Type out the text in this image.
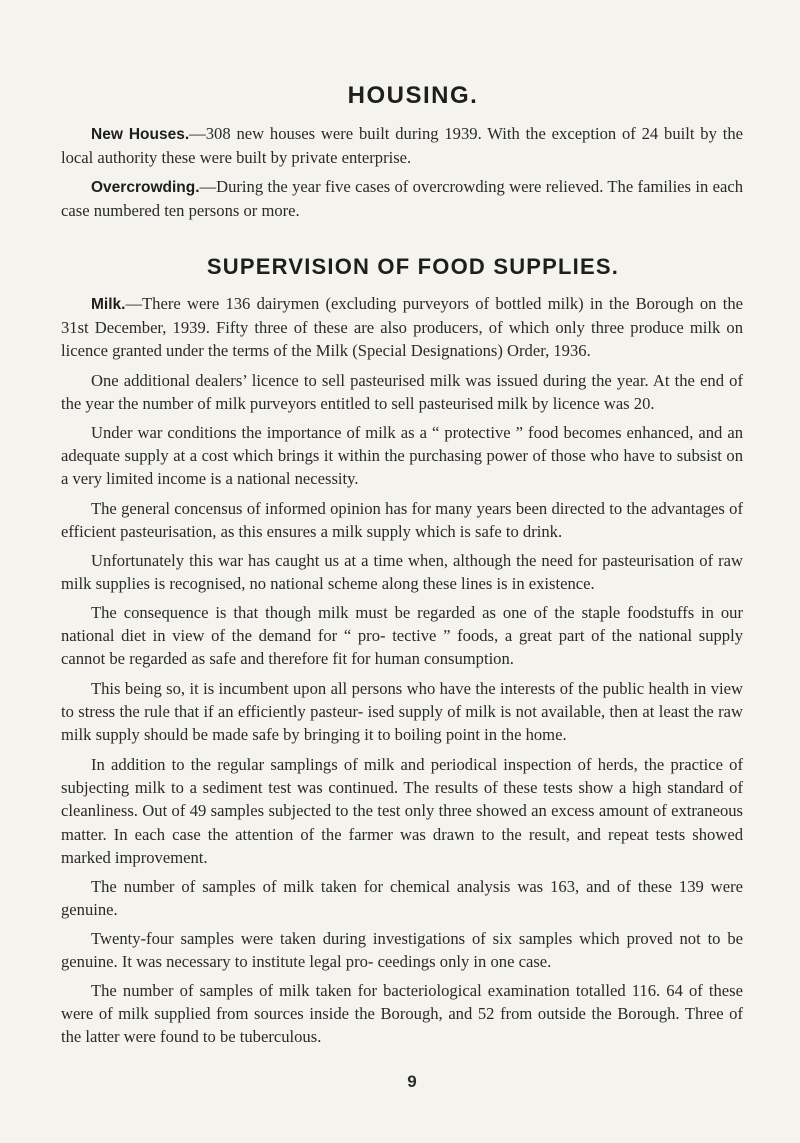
HOUSING.

New Houses.—308 new houses were built during 1939. With the exception of 24 built by the local authority these were built by private enterprise.

Overcrowding.—During the year five cases of overcrowding were relieved. The families in each case numbered ten persons or more.

SUPERVISION OF FOOD SUPPLIES.

Milk.—There were 136 dairymen (excluding purveyors of bottled milk) in the Borough on the 31st December, 1939. Fifty three of these are also producers, of which only three produce milk on licence granted under the terms of the Milk (Special Designations) Order, 1936.

One additional dealers’ licence to sell pasteurised milk was issued during the year. At the end of the year the number of milk purveyors entitled to sell pasteurised milk by licence was 20.

Under war conditions the importance of milk as a “ protective ” food becomes enhanced, and an adequate supply at a cost which brings it within the purchasing power of those who have to subsist on a very limited income is a national necessity.

The general concensus of informed opinion has for many years been directed to the advantages of efficient pasteurisation, as this ensures a milk supply which is safe to drink.

Unfortunately this war has caught us at a time when, although the need for pasteurisation of raw milk supplies is recognised, no national scheme along these lines is in existence.

The consequence is that though milk must be regarded as one of the staple foodstuffs in our national diet in view of the demand for “ pro- tective ” foods, a great part of the national supply cannot be regarded as safe and therefore fit for human consumption.

This being so, it is incumbent upon all persons who have the interests of the public health in view to stress the rule that if an efficiently pasteur- ised supply of milk is not available, then at least the raw milk supply should be made safe by bringing it to boiling point in the home.

In addition to the regular samplings of milk and periodical inspection of herds, the practice of subjecting milk to a sediment test was continued. The results of these tests show a high standard of cleanliness. Out of 49 samples subjected to the test only three showed an excess amount of extraneous matter. In each case the attention of the farmer was drawn to the result, and repeat tests showed marked improvement.

The number of samples of milk taken for chemical analysis was 163, and of these 139 were genuine.

Twenty-four samples were taken during investigations of six samples which proved not to be genuine. It was necessary to institute legal pro- ceedings only in one case.

The number of samples of milk taken for bacteriological examination totalled 116. 64 of these were of milk supplied from sources inside the Borough, and 52 from outside the Borough. Three of the latter were found to be tuberculous.

9
